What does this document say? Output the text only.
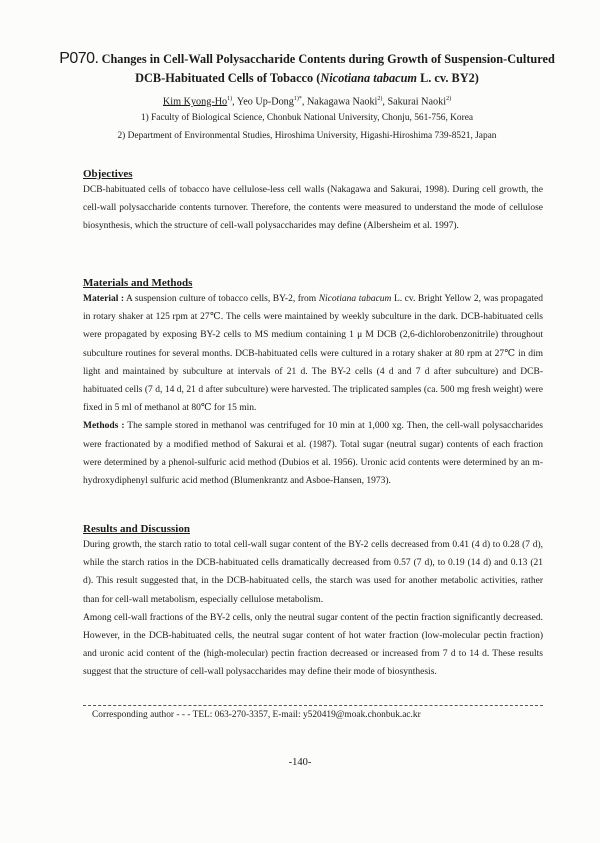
P070. Changes in Cell-Wall Polysaccharide Contents during Growth of Suspension-Cultured
DCB-Habituated Cells of Tobacco (Nicotiana tabacum L. cv. BY2)
Kim Kyong-Ho$^{1)}$, Yeo Up-Dong$^{1)*}$, Nakagawa Naoki$^{2)}$, Sakurai Naoki$^{2)}$
1) Faculty of Biological Science, Chonbuk National University, Chonju, 561-756, Korea
2) Department of Environmental Studies, Hiroshima University, Higashi-Hiroshima 739-8521, Japan
Objectives

DCB-habituated cells of tobacco have cellulose-less cell walls (Nakagawa and Sakurai, 1998). During cell growth, the cell-wall polysaccharide contents turnover. Therefore, the contents were measured to understand the mode of cellulose biosynthesis, which the structure of cell-wall polysaccharides may define (Albersheim et al. 1997).

Materials and Methods

Material : A suspension culture of tobacco cells, BY-2, from Nicotiana tabacum L. cv. Bright Yellow 2, was propagated in rotary shaker at 125 rpm at 27℃. The cells were maintained by weekly subculture in the dark. DCB-habituated cells were propagated by exposing BY-2 cells to MS medium containing 1 μ M DCB (2,6-dichlorobenzonitrile) throughout subculture routines for several months. DCB-habituated cells were cultured in a rotary shaker at 80 rpm at 27℃ in dim light and maintained by subculture at intervals of 21 d. The BY-2 cells (4 d and 7 d after subculture) and DCB-habituated cells (7 d, 14 d, 21 d after subculture) were harvested. The triplicated samples (ca. 500 mg fresh weight) were fixed in 5 ml of methanol at 80℃ for 15 min.

Methods : The sample stored in methanol was centrifuged for 10 min at 1,000 xg. Then, the cell-wall polysaccharides were fractionated by a modified method of Sakurai et al. (1987). Total sugar (neutral sugar) contents of each fraction were determined by a phenol-sulfuric acid method (Dubios et al. 1956). Uronic acid contents were determined by an m-hydroxydiphenyl sulfuric acid method (Blumenkrantz and Asboe-Hansen, 1973).

Results and Discussion

During growth, the starch ratio to total cell-wall sugar content of the BY-2 cells decreased from 0.41 (4 d) to 0.28 (7 d), while the starch ratios in the DCB-habituated cells dramatically decreased from 0.57 (7 d), to 0.19 (14 d) and 0.13 (21 d). This result suggested that, in the DCB-habituated cells, the starch was used for another metabolic activities, rather than for cell-wall metabolism, especially cellulose metabolism.

Among cell-wall fractions of the BY-2 cells, only the neutral sugar content of the pectin fraction significantly decreased. However, in the DCB-habituated cells, the neutral sugar content of hot water fraction (low-molecular pectin fraction) and uronic acid content of the (high-molecular) pectin fraction decreased or increased from 7 d to 14 d. These results suggest that the structure of cell-wall polysaccharides may define their mode of biosynthesis.

Corresponding author - - - TEL: 063-270-3357, E-mail: y520419@moak.chonbuk.ac.kr
-140-
